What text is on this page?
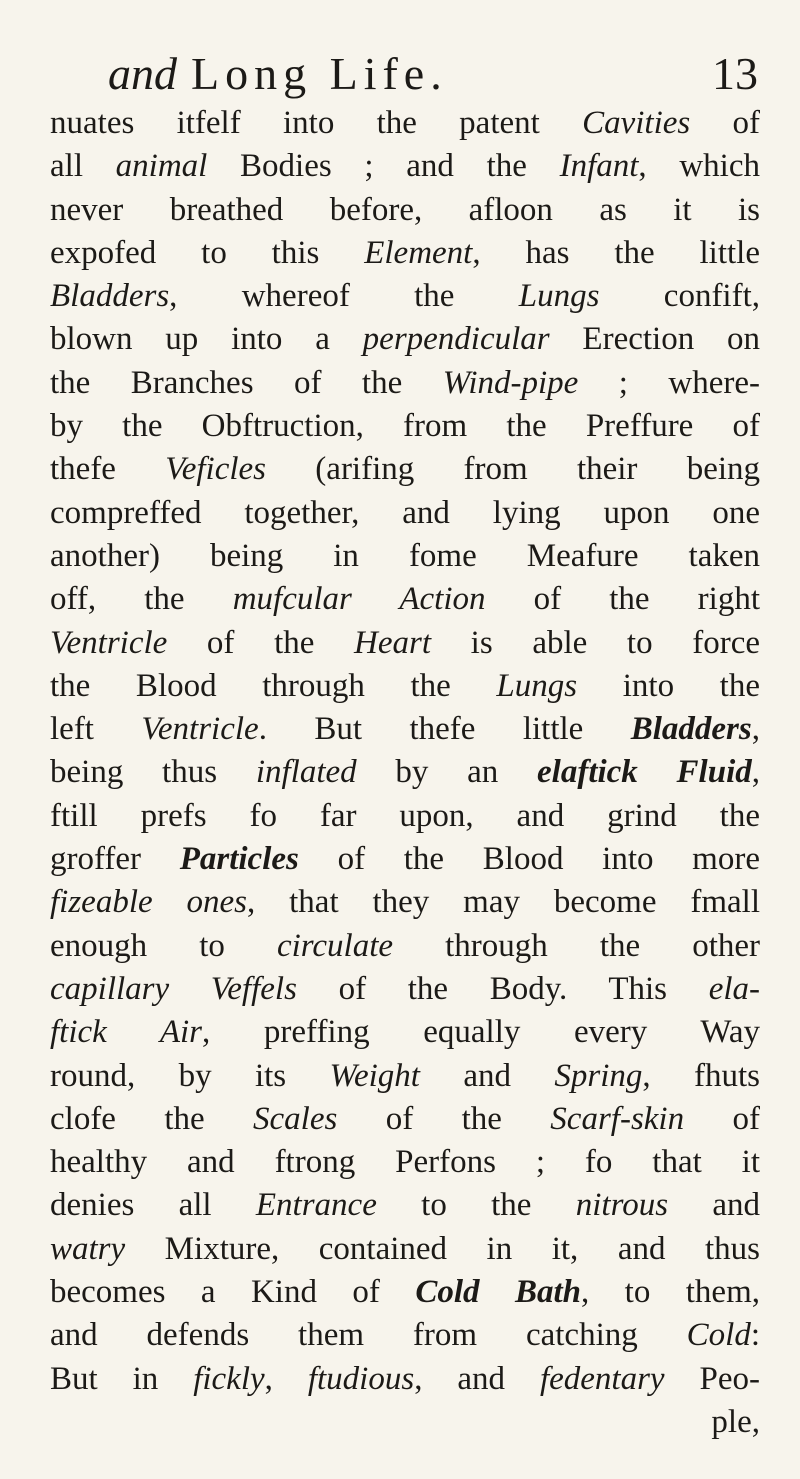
and Long Life.	13
nuates itfelf into the patent Cavities of
all animal Bodies ; and the Infant, which
never breathed before, afloon as it is
expofed to this Element, has the little
Bladders, whereof the Lungs confift,
blown up into a perpendicular Erection on
the Branches of the Wind-pipe ; where-
by the Obftruction, from the Preffure of
thefe Veficles (arifing from their being
compreffed together, and lying upon one
another) being in fome Meafure taken
off, the mufcular Action of the right
Ventricle of the Heart is able to force
the Blood through the Lungs into the
left Ventricle. But thefe little Bladders,
being thus inflated by an elaftick Fluid,
ftill prefs fo far upon, and grind the
groffer Particles of the Blood into more
fizeable ones, that they may become fmall
enough to circulate through the other
capillary Veffels of the Body. This ela-
ftick Air, preffing equally every Way
round, by its Weight and Spring, fhuts
clofe the Scales of the Scarf-skin of
healthy and ftrong Perfons ; fo that it
denies all Entrance to the nitrous and
watry Mixture, contained in it, and thus
becomes a Kind of Cold Bath, to them,
and defends them from catching Cold:
But in fickly, ftudious, and fedentary Peo-
ple,
